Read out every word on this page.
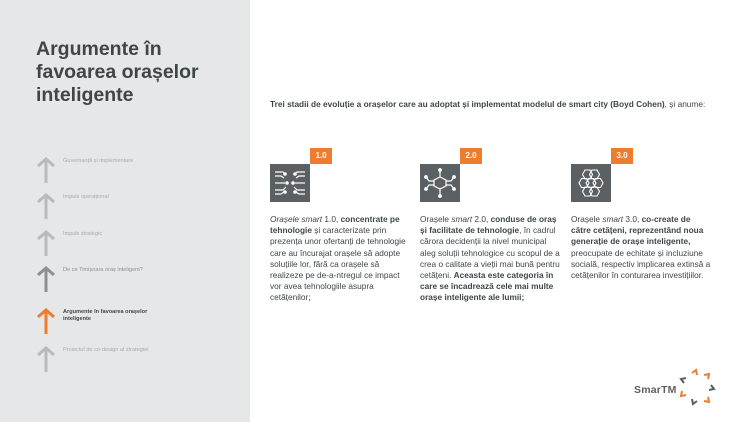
Argumente în favoarea orașelor inteligente
Guvernanță și implementare
Impuls operațional
Impuls strategic
De ce Timișoara oraș inteligent?
Argumente în favoarea orașelor inteligente
Proiectul de co-design al strategiei
Trei stadii de evoluție a orașelor care au adoptat și implementat modelul de smart city (Boyd Cohen), și anume:
1.0
Orașele smart 1.0, concentrate pe tehnologie și caracterizate prin prezența unor ofertanți de tehnologie care au încurajat orașele să adopte soluțiile lor, fără ca orașele să realizeze pe de-a-ntregul ce impact vor avea tehnologiile asupra cetățenilor;
2.0
Orașele smart 2.0, conduse de oraș și facilitate de tehnologie, în cadrul cărora decidenții la nivel municipal aleg soluții tehnologice cu scopul de a crea o calitate a vieții mai bună pentru cetățeni. Aceasta este categoria în care se încadrează cele mai multe orașe inteligente ale lumii;
3.0
Orașele smart 3.0, co-create de către cetățeni, reprezentând noua generație de orașe inteligente, preocupate de echitate și incluziune socială, respectiv implicarea extinsă a cetățenilor în conturarea investițiilor.
SmarTM
